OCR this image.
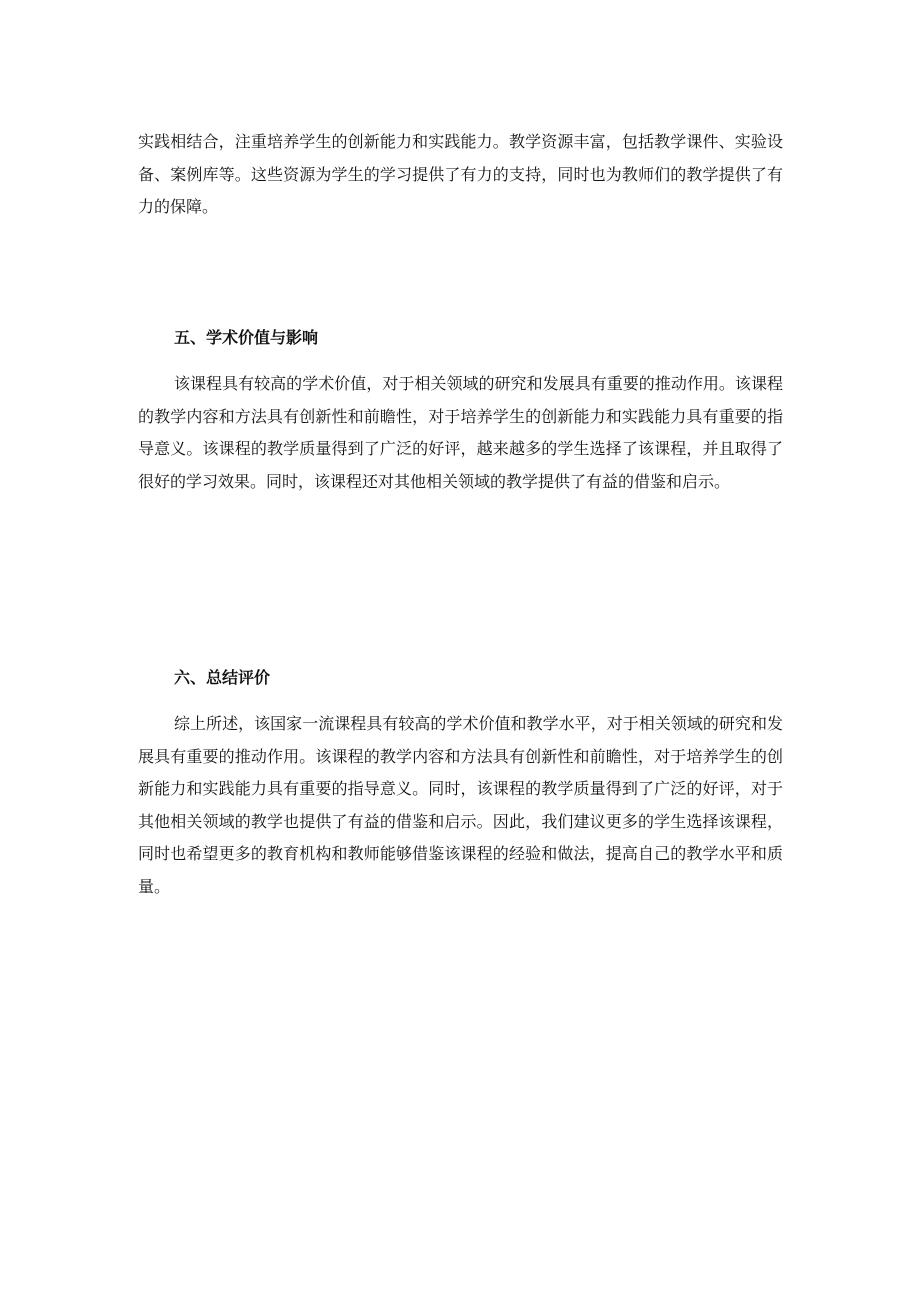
实践相结合，注重培养学生的创新能力和实践能力。教学资源丰富，包括教学课件、实验设备、案例库等。这些资源为学生的学习提供了有力的支持，同时也为教师们的教学提供了有力的保障。

五、学术价值与影响

该课程具有较高的学术价值，对于相关领域的研究和发展具有重要的推动作用。该课程的教学内容和方法具有创新性和前瞻性，对于培养学生的创新能力和实践能力具有重要的指导意义。该课程的教学质量得到了广泛的好评，越来越多的学生选择了该课程，并且取得了很好的学习效果。同时，该课程还对其他相关领域的教学提供了有益的借鉴和启示。

六、总结评价

综上所述，该国家一流课程具有较高的学术价值和教学水平，对于相关领域的研究和发展具有重要的推动作用。该课程的教学内容和方法具有创新性和前瞻性，对于培养学生的创新能力和实践能力具有重要的指导意义。同时，该课程的教学质量得到了广泛的好评，对于其他相关领域的教学也提供了有益的借鉴和启示。因此，我们建议更多的学生选择该课程，同时也希望更多的教育机构和教师能够借鉴该课程的经验和做法，提高自己的教学水平和质量。
